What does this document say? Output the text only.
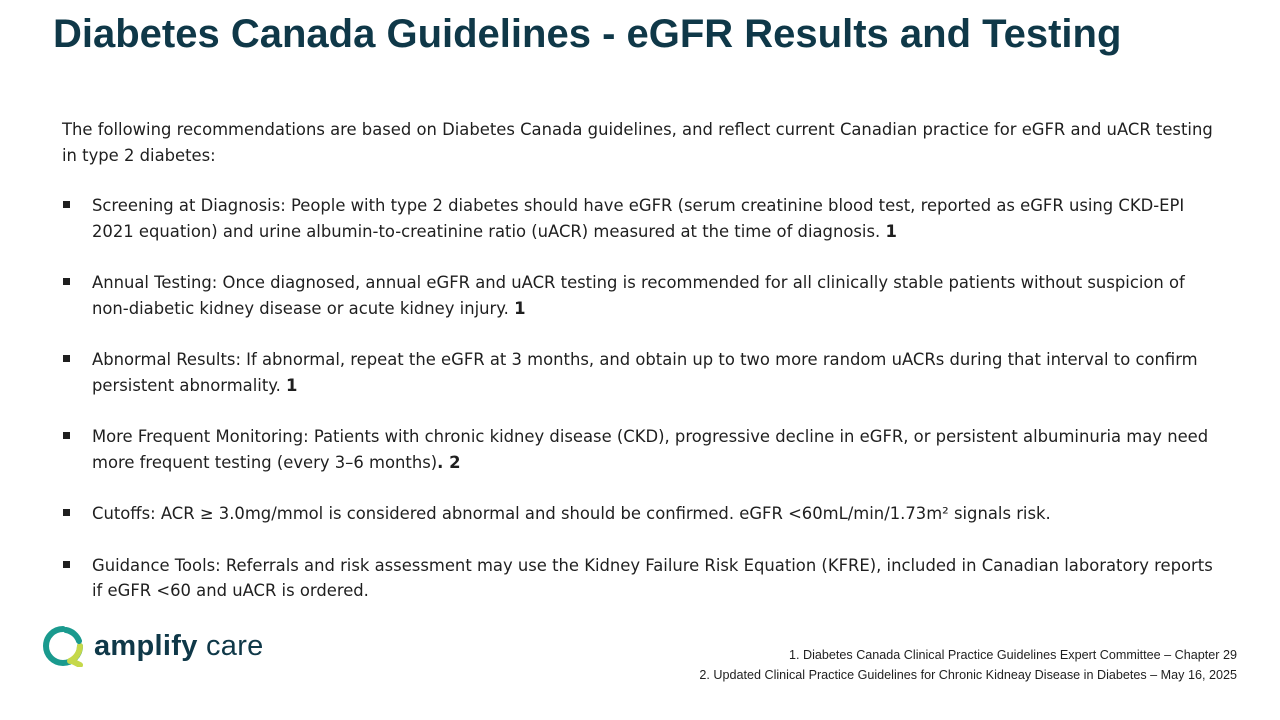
Diabetes Canada Guidelines - eGFR Results and Testing

The following recommendations are based on Diabetes Canada guidelines, and reflect current Canadian practice for eGFR and uACR testing in type 2 diabetes:

Screening at Diagnosis: People with type 2 diabetes should have eGFR (serum creatinine blood test, reported as eGFR using CKD-EPI 2021 equation) and urine albumin-to-creatinine ratio (uACR) measured at the time of diagnosis. 1
Annual Testing: Once diagnosed, annual eGFR and uACR testing is recommended for all clinically stable patients without suspicion of non-diabetic kidney disease or acute kidney injury. 1
Abnormal Results: If abnormal, repeat the eGFR at 3 months, and obtain up to two more random uACRs during that interval to confirm persistent abnormality. 1
More Frequent Monitoring: Patients with chronic kidney disease (CKD), progressive decline in eGFR, or persistent albuminuria may need more frequent testing (every 3–6 months). 2
Cutoffs: ACR ≥ 3.0mg/mmol is considered abnormal and should be confirmed. eGFR <60mL/min/1.73m² signals risk.
Guidance Tools: Referrals and risk assessment may use the Kidney Failure Risk Equation (KFRE), included in Canadian laboratory reports if eGFR <60 and uACR is ordered.
amplify care	1. Diabetes Canada Clinical Practice Guidelines Expert Committee – Chapter 29
2. Updated Clinical Practice Guidelines for Chronic Kidneay Disease in Diabetes – May 16, 2025
